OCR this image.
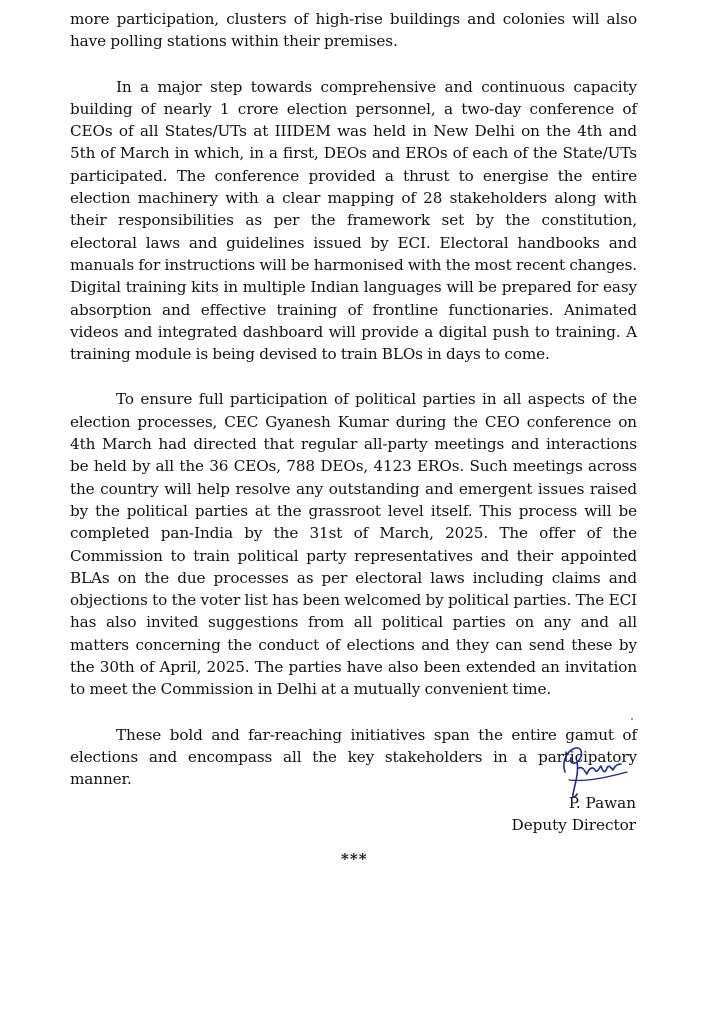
more participation, clusters of high-rise buildings and colonies will also have polling stations within their premises.

In a major step towards comprehensive and continuous capacity building of nearly 1 crore election personnel, a two-day conference of CEOs of all States/UTs at IIIDEM was held in New Delhi on the 4th and 5th of March in which, in a first, DEOs and EROs of each of the State/UTs participated. The conference provided a thrust to energise the entire election machinery with a clear mapping of 28 stakeholders along with their responsibilities as per the framework set by the constitution, electoral laws and guidelines issued by ECI. Electoral handbooks and manuals for instructions will be harmonised with the most recent changes. Digital training kits in multiple Indian languages will be prepared for easy absorption and effective training of frontline functionaries. Animated videos and integrated dashboard will provide a digital push to training. A training module is being devised to train BLOs in days to come.

To ensure full participation of political parties in all aspects of the election processes, CEC Gyanesh Kumar during the CEO conference on 4th March had directed that regular all-party meetings and interactions be held by all the 36 CEOs, 788 DEOs, 4123 EROs. Such meetings across the country will help resolve any outstanding and emergent issues raised by the political parties at the grassroot level itself. This process will be completed pan-India by the 31st of March, 2025. The offer of the Commission to train political party representatives and their appointed BLAs on the due processes as per electoral laws including claims and objections to the voter list has been welcomed by political parties. The ECI has also invited suggestions from all political parties on any and all matters concerning the conduct of elections and they can send these by the 30th of April, 2025. The parties have also been extended an invitation to meet the Commission in Delhi at a mutually convenient time.

These bold and far-reaching initiatives span the entire gamut of elections and encompass all the key stakeholders in a participatory manner.

P. Pawan
Deputy Director
***
